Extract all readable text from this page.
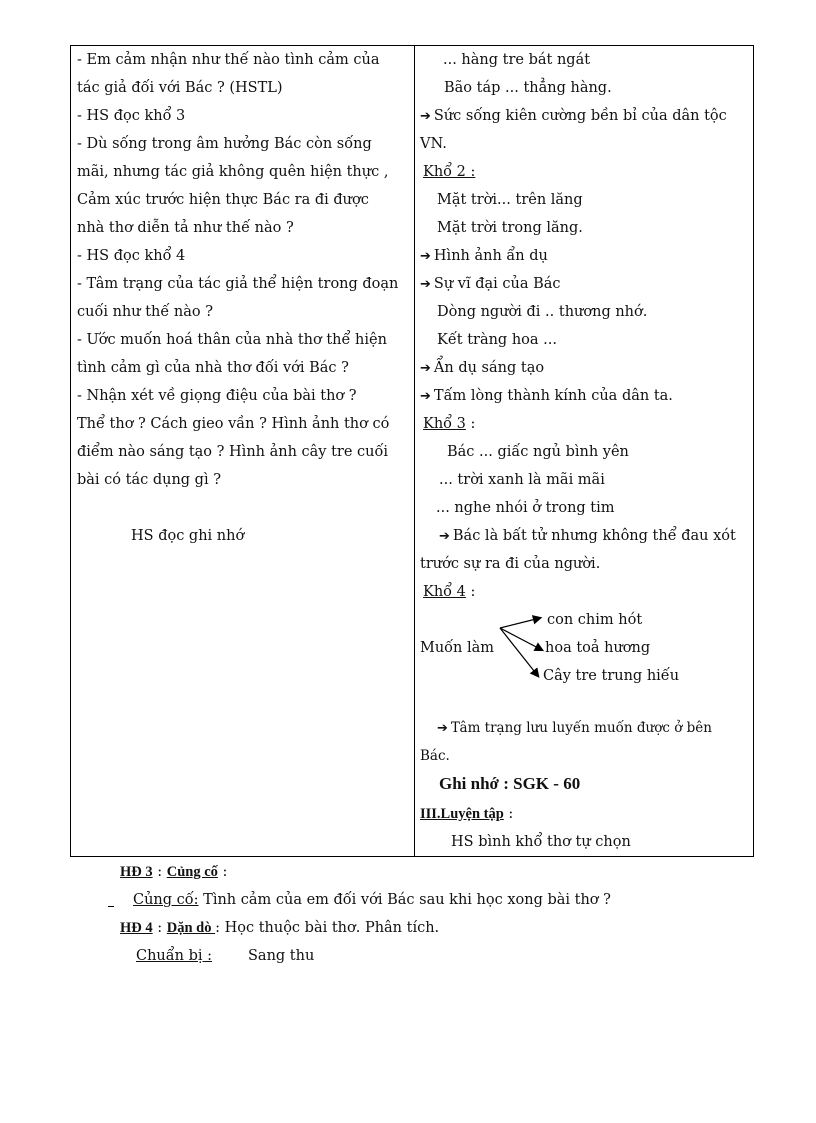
- Em cảm nhận như thế nào tình cảm của
tác giả đối với Bác ? (HSTL)
- HS đọc khổ 3
- Dù sống trong âm hưởng Bác còn sống
mãi, nhưng tác giả không quên hiện thực ,
Cảm xúc trước hiện thực Bác ra đi được
nhà thơ diễn tả như thế nào ?
- HS đọc khổ 4
- Tâm trạng của tác giả thể hiện trong đoạn
cuối như thế nào ?
- Ước muốn hoá thân của nhà thơ thể hiện
tình cảm gì của nhà thơ đối với Bác ?
- Nhận xét về giọng điệu của bài thơ ?
Thể thơ ? Cách gieo vần ? Hình ảnh thơ có
điểm nào sáng tạo ? Hình ảnh cây tre cuối
bài có tác dụng gì ?
HS đọc ghi nhớ
... hàng tre bát ngát
Bão táp ... thẳng hàng.
➔ Sức sống kiên cường bền bỉ của dân tộc
VN.
Khổ 2 :
Mặt trời... trên lăng
Mặt trời trong lăng.
➔ Hình ảnh ẩn dụ
➔ Sự vĩ đại của Bác
Dòng người đi .. thương nhớ.
Kết tràng hoa ...
➔ Ẩn dụ sáng tạo
➔ Tấm lòng thành kính của dân ta.
Khổ 3 :
Bác ... giấc ngủ bình yên
... trời xanh là mãi mãi
... nghe nhói ở trong tim
➔ Bác là bất tử nhưng không thể đau xót
trước sự ra đi của người.
Khổ 4 :
con chim hót
Muốn làm	hoa toả hương
Cây tre trung hiếu
➔ Tâm trạng lưu luyến muốn được ở bên
Bác.
Ghi nhớ : SGK - 60
III.Luyện tập :
HS bình khổ thơ tự chọn
HĐ 3 : Củng cố :
Củng cố: Tình cảm của em đối với Bác sau khi học xong bài thơ ?
HĐ 4 : Dặn dò : Học thuộc bài thơ. Phân tích.
Chuẩn bị : Sang thu
